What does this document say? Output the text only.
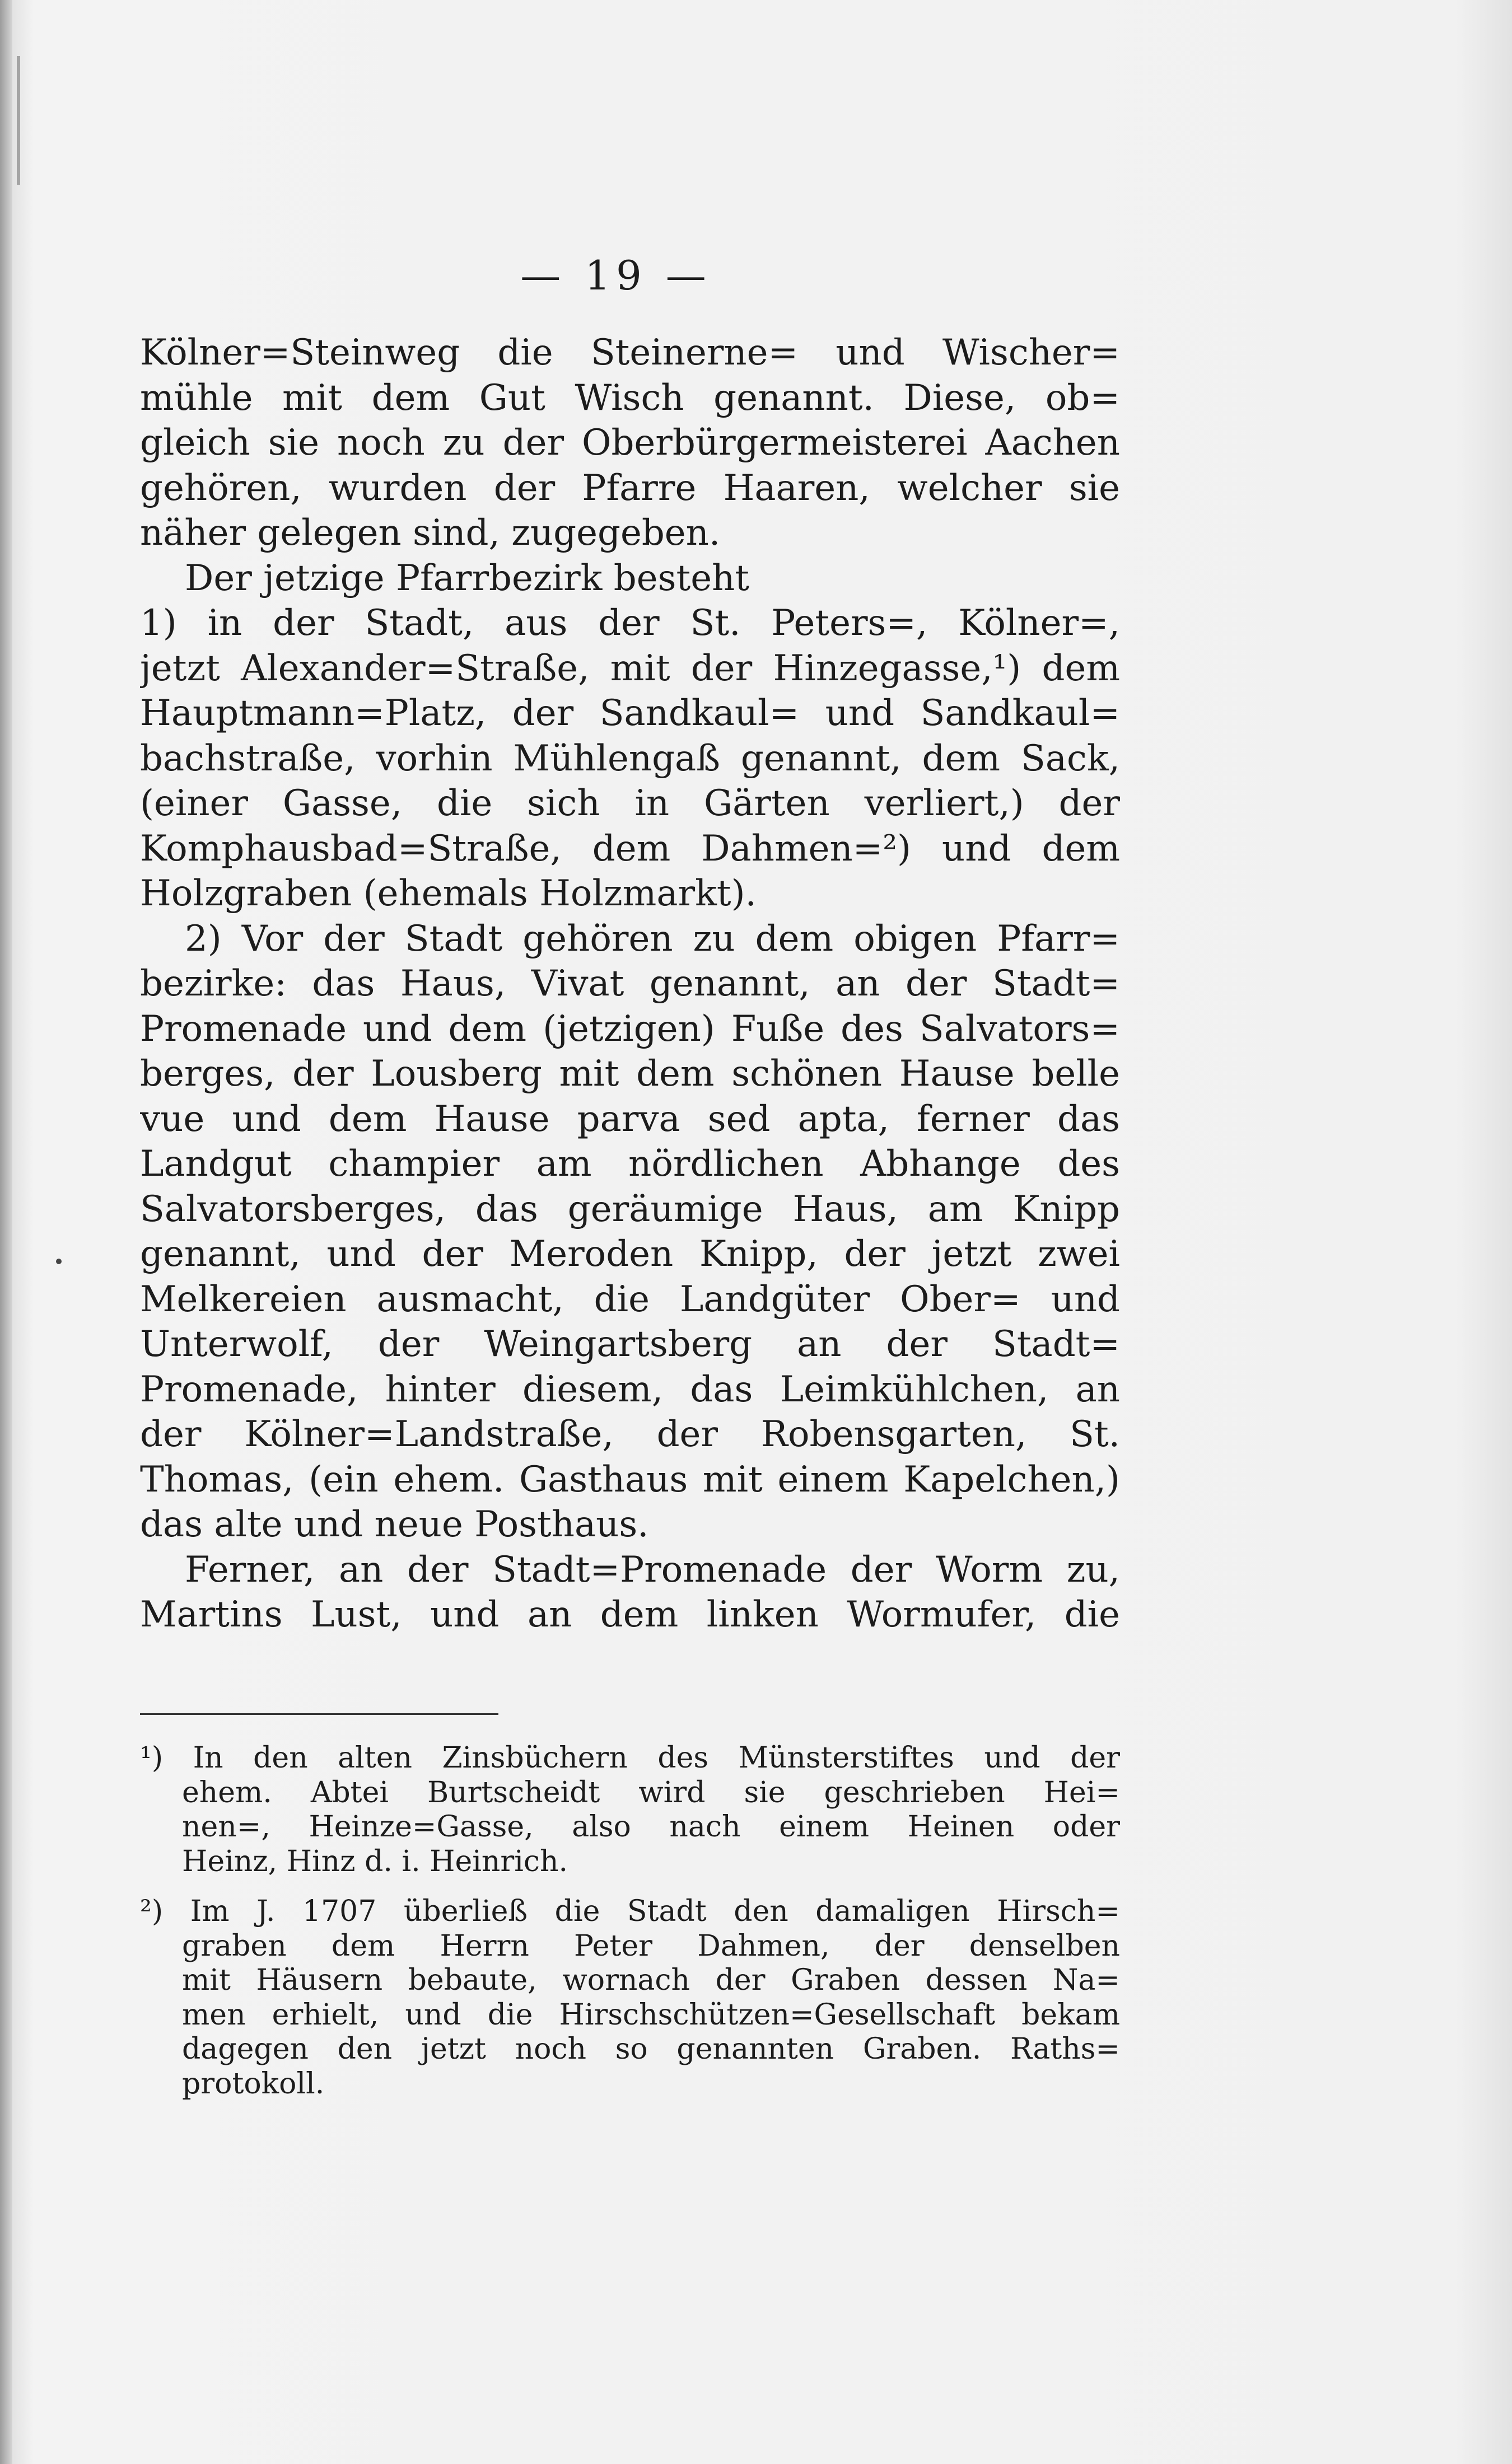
— 19 —
Kölner=Steinweg die Steinerne= und Wischer=
mühle mit dem Gut Wisch genannt. Diese, ob=
gleich sie noch zu der Oberbürgermeisterei Aachen
gehören, wurden der Pfarre Haaren, welcher sie
näher gelegen sind, zugegeben.
Der jetzige Pfarrbezirk besteht
1) in der Stadt, aus der St. Peters=, Kölner=,
jetzt Alexander=Straße, mit der Hinzegasse,¹) dem
Hauptmann=Platz, der Sandkaul= und Sandkaul=
bachstraße, vorhin Mühlengaß genannt, dem Sack,
(einer Gasse, die sich in Gärten verliert,) der
Komphausbad=Straße, dem Dahmen=²) und dem
Holzgraben (ehemals Holzmarkt).
2) Vor der Stadt gehören zu dem obigen Pfarr=
bezirke: das Haus, Vivat genannt, an der Stadt=
Promenade und dem (jetzigen) Fuße des Salvators=
berges, der Lousberg mit dem schönen Hause belle
vue und dem Hause parva sed apta, ferner das
Landgut champier am nördlichen Abhange des
Salvatorsberges, das geräumige Haus, am Knipp
genannt, und der Meroden Knipp, der jetzt zwei
Melkereien ausmacht, die Landgüter Ober= und
Unterwolf, der Weingartsberg an der Stadt=
Promenade, hinter diesem, das Leimkühlchen, an
der Kölner=Landstraße, der Robensgarten, St.
Thomas, (ein ehem. Gasthaus mit einem Kapelchen,)
das alte und neue Posthaus.
Ferner, an der Stadt=Promenade der Worm zu,
Martins Lust, und an dem linken Wormufer, die
¹) In den alten Zinsbüchern des Münsterstiftes und der
ehem. Abtei Burtscheidt wird sie geschrieben Hei=
nen=, Heinze=Gasse, also nach einem Heinen oder
Heinz, Hinz d. i. Heinrich.
²) Im J. 1707 überließ die Stadt den damaligen Hirsch=
graben dem Herrn Peter Dahmen, der denselben
mit Häusern bebaute, wornach der Graben dessen Na=
men erhielt, und die Hirschschützen=Gesellschaft bekam
dagegen den jetzt noch so genannten Graben. Raths=
protokoll.
